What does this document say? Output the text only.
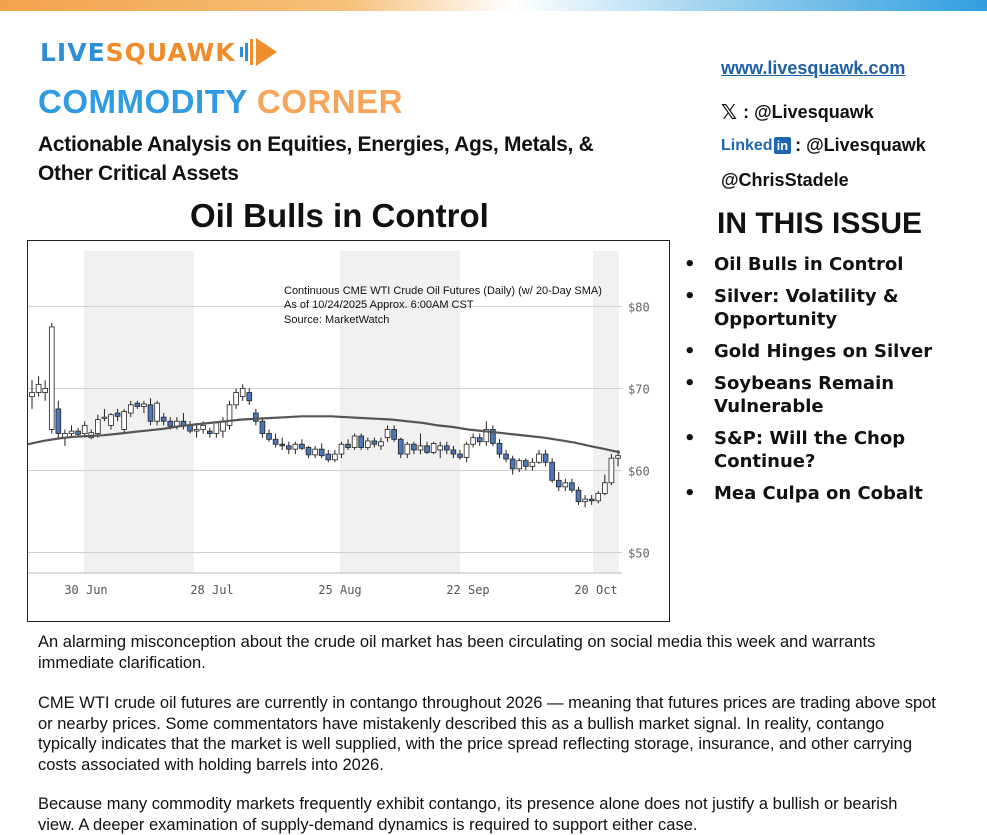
LIVESQUAWK
COMMODITY CORNER
Actionable Analysis on Equities, Energies, Ags, Metals, &
Other Critical Assets
Oil Bulls in Control
$80
$70
$60
$50
30 Jun	28 Jul	25 Aug	22 Sep	20 Oct
Continuous CME WTI Crude Oil Futures (Daily) (w/ 20-Day SMA)
As of 10/24/2025 Approx. 6:00AM CST
Source: MarketWatch
www.livesquawk.com
𝕏 : @Livesquawk
Linked in : @Livesquawk
@ChrisStadele
IN THIS ISSUE
• Oil Bulls in Control
• Silver: Volatility & Opportunity
• Gold Hinges on Silver
• Soybeans Remain Vulnerable
• S&P: Will the Chop Continue?
• Mea Culpa on Cobalt

An alarming misconception about the crude oil market has been circulating on social media this week and warrants immediate clarification.

CME WTI crude oil futures are currently in contango throughout 2026 — meaning that futures prices are trading above spot or nearby prices. Some commentators have mistakenly described this as a bullish market signal. In reality, contango typically indicates that the market is well supplied, with the price spread reflecting storage, insurance, and other carrying costs associated with holding barrels into 2026.

Because many commodity markets frequently exhibit contango, its presence alone does not justify a bullish or bearish view. A deeper examination of supply-demand dynamics is required to support either case.
